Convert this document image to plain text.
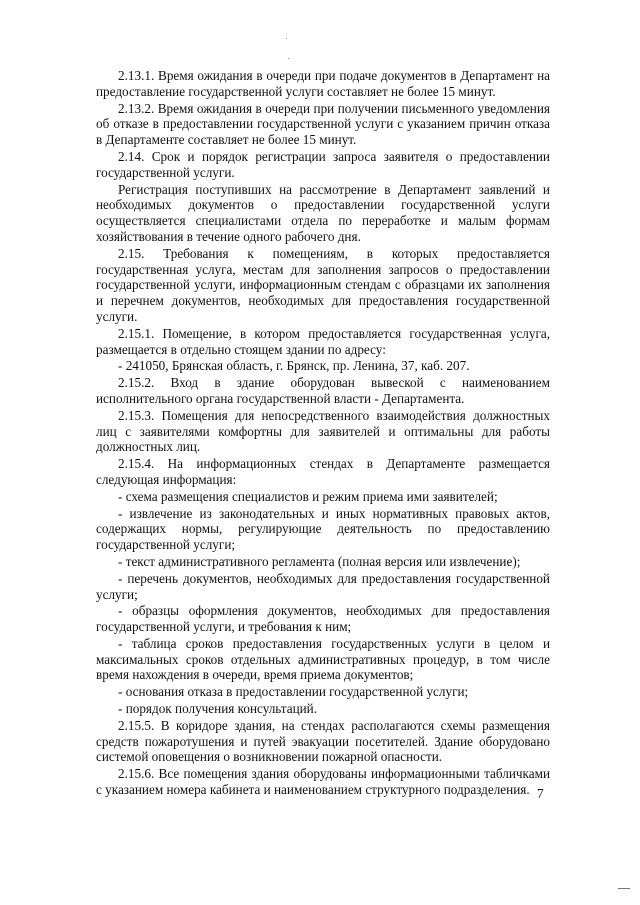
2.13.1. Время ожидания в очереди при подаче документов в Департамент на предоставление государственной услуги составляет не более 15 минут.

2.13.2. Время ожидания в очереди при получении письменного уведомления об отказе в предоставлении государственной услуги с указанием причин отказа в Департаменте составляет не более 15 минут.

2.14. Срок и порядок регистрации запроса заявителя о предоставлении государственной услуги.

Регистрация поступивших на рассмотрение в Департамент заявлений и необходимых документов о предоставлении государственной услуги осуществляется специалистами отдела по переработке и малым формам хозяйствования в течение одного рабочего дня.

2.15. Требования к помещениям, в которых предоставляется государственная услуга, местам для заполнения запросов о предоставлении государственной услуги, информационным стендам с образцами их заполнения и перечнем документов, необходимых для предоставления государственной услуги.

2.15.1. Помещение, в котором предоставляется государственная услуга, размещается в отдельно стоящем здании по адресу:

- 241050, Брянская область, г. Брянск, пр. Ленина, 37, каб. 207.

2.15.2. Вход в здание оборудован вывеской с наименованием исполнительного органа государственной власти - Департамента.

2.15.3. Помещения для непосредственного взаимодействия должностных лиц с заявителями комфортны для заявителей и оптимальны для работы должностных лиц.

2.15.4. На информационных стендах в Департаменте размещается следующая информация:

- схема размещения специалистов и режим приема ими заявителей;

- извлечение из законодательных и иных нормативных правовых актов, содержащих нормы, регулирующие деятельность по предоставлению государственной услуги;

- текст административного регламента (полная версия или извлечение);

- перечень документов, необходимых для предоставления государственной услуги;

- образцы оформления документов, необходимых для предоставления государственной услуги, и требования к ним;

- таблица сроков предоставления государственных услуги в целом и максимальных сроков отдельных административных процедур, в том числе время нахождения в очереди, время приема документов;

- основания отказа в предоставлении государственной услуги;

- порядок получения консультаций.

2.15.5. В коридоре здания, на стендах располагаются схемы размещения средств пожаротушения и путей эвакуации посетителей. Здание оборудовано системой оповещения о возникновении пожарной опасности.

2.15.6. Все помещения здания оборудованы информационными табличками с указанием номера кабинета и наименованием структурного подразделения. 7
